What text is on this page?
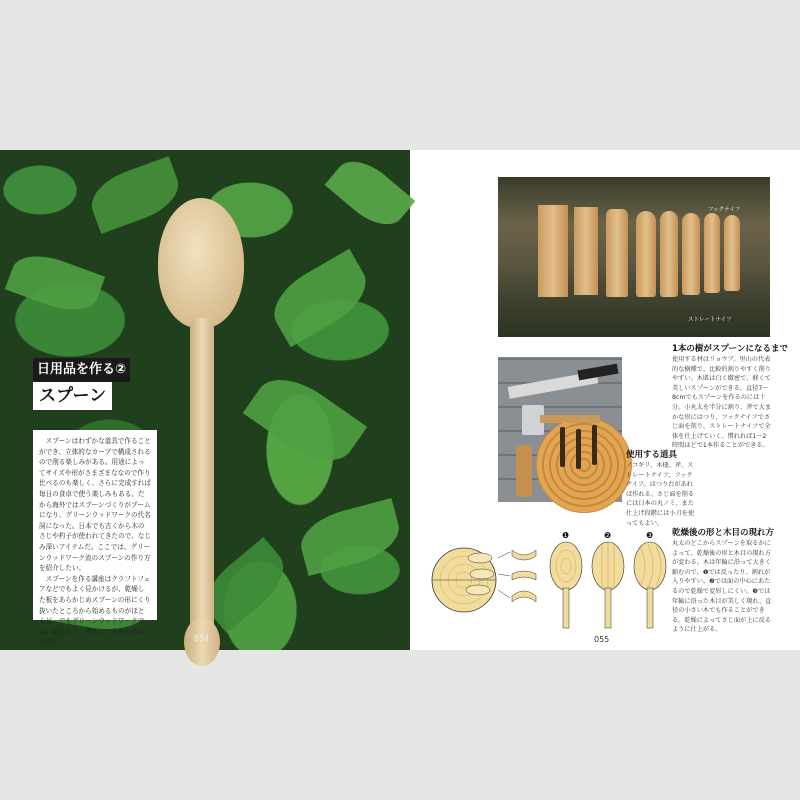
日用品を作る②
スプーン

スプーンはわずかな道具で作ることができ、立体的なカーブで構成されるので削る楽しみがある。用途によってサイズや形がさまざまななので作り比べるのも楽しく、さらに完成すれば毎日の食卓で使う楽しみもある。だから海外ではスプーンづくりがブームになり、グリーンウッドワークの代名詞になった。日本でも古くから木のさじや杓子が使われてきたので、なじみ深いアイテムだ。ここでは、グリーンウッドワーク流のスプーンの作り方を紹介したい。

スプーンを作る講座はクラフトフェアなどでもよく見かけるが、乾燥した板をあらかじめスプーンの形にくり抜いたところから始めるものがほとんど。でもグリーンウッドワークでは、樹を伐り、割るところから始めるのだ。	054
フックナイフ
ストレートナイフ
1本の樹がスプーンになるまで
使用する材はリョウブ。里山の代表的な樹種で、比較的割りやすく削りやすい。木肌は白く緻密で、軽くて美しいスプーンができる。直径7～8cmでもスプーンを作るのには十分。小丸太を半分に割り、斧で大まかな形にはつり、フックナイフでさじ面を削り、ストレートナイフで全体を仕上げていく。慣れれば1～2時間ほどで1本作ることができる。
使用する道具
ノコギリ、木槌、斧、ストレートナイフ、フックナイフ。はつり台があれば作れる。さじ面を削るには日本の丸ノミ、また仕上げ段階には小刀を使ってもよい。
❶	❷	❸ 乾燥後の形と木目の現れ方
丸太のどこからスプーンを取るかによって、乾燥後の形と木目の現れ方が変わる。木は年輪に沿って大きく縮むので、❶では反ったり、割れが入りやすい。❷では面の中心にあたるので乾燥で変形しにくい。❸では年輪に沿った木目が美しく現れ、直径の小さい木でも作ることができる。乾燥によってさじ面が上に反るように仕上がる。
055
